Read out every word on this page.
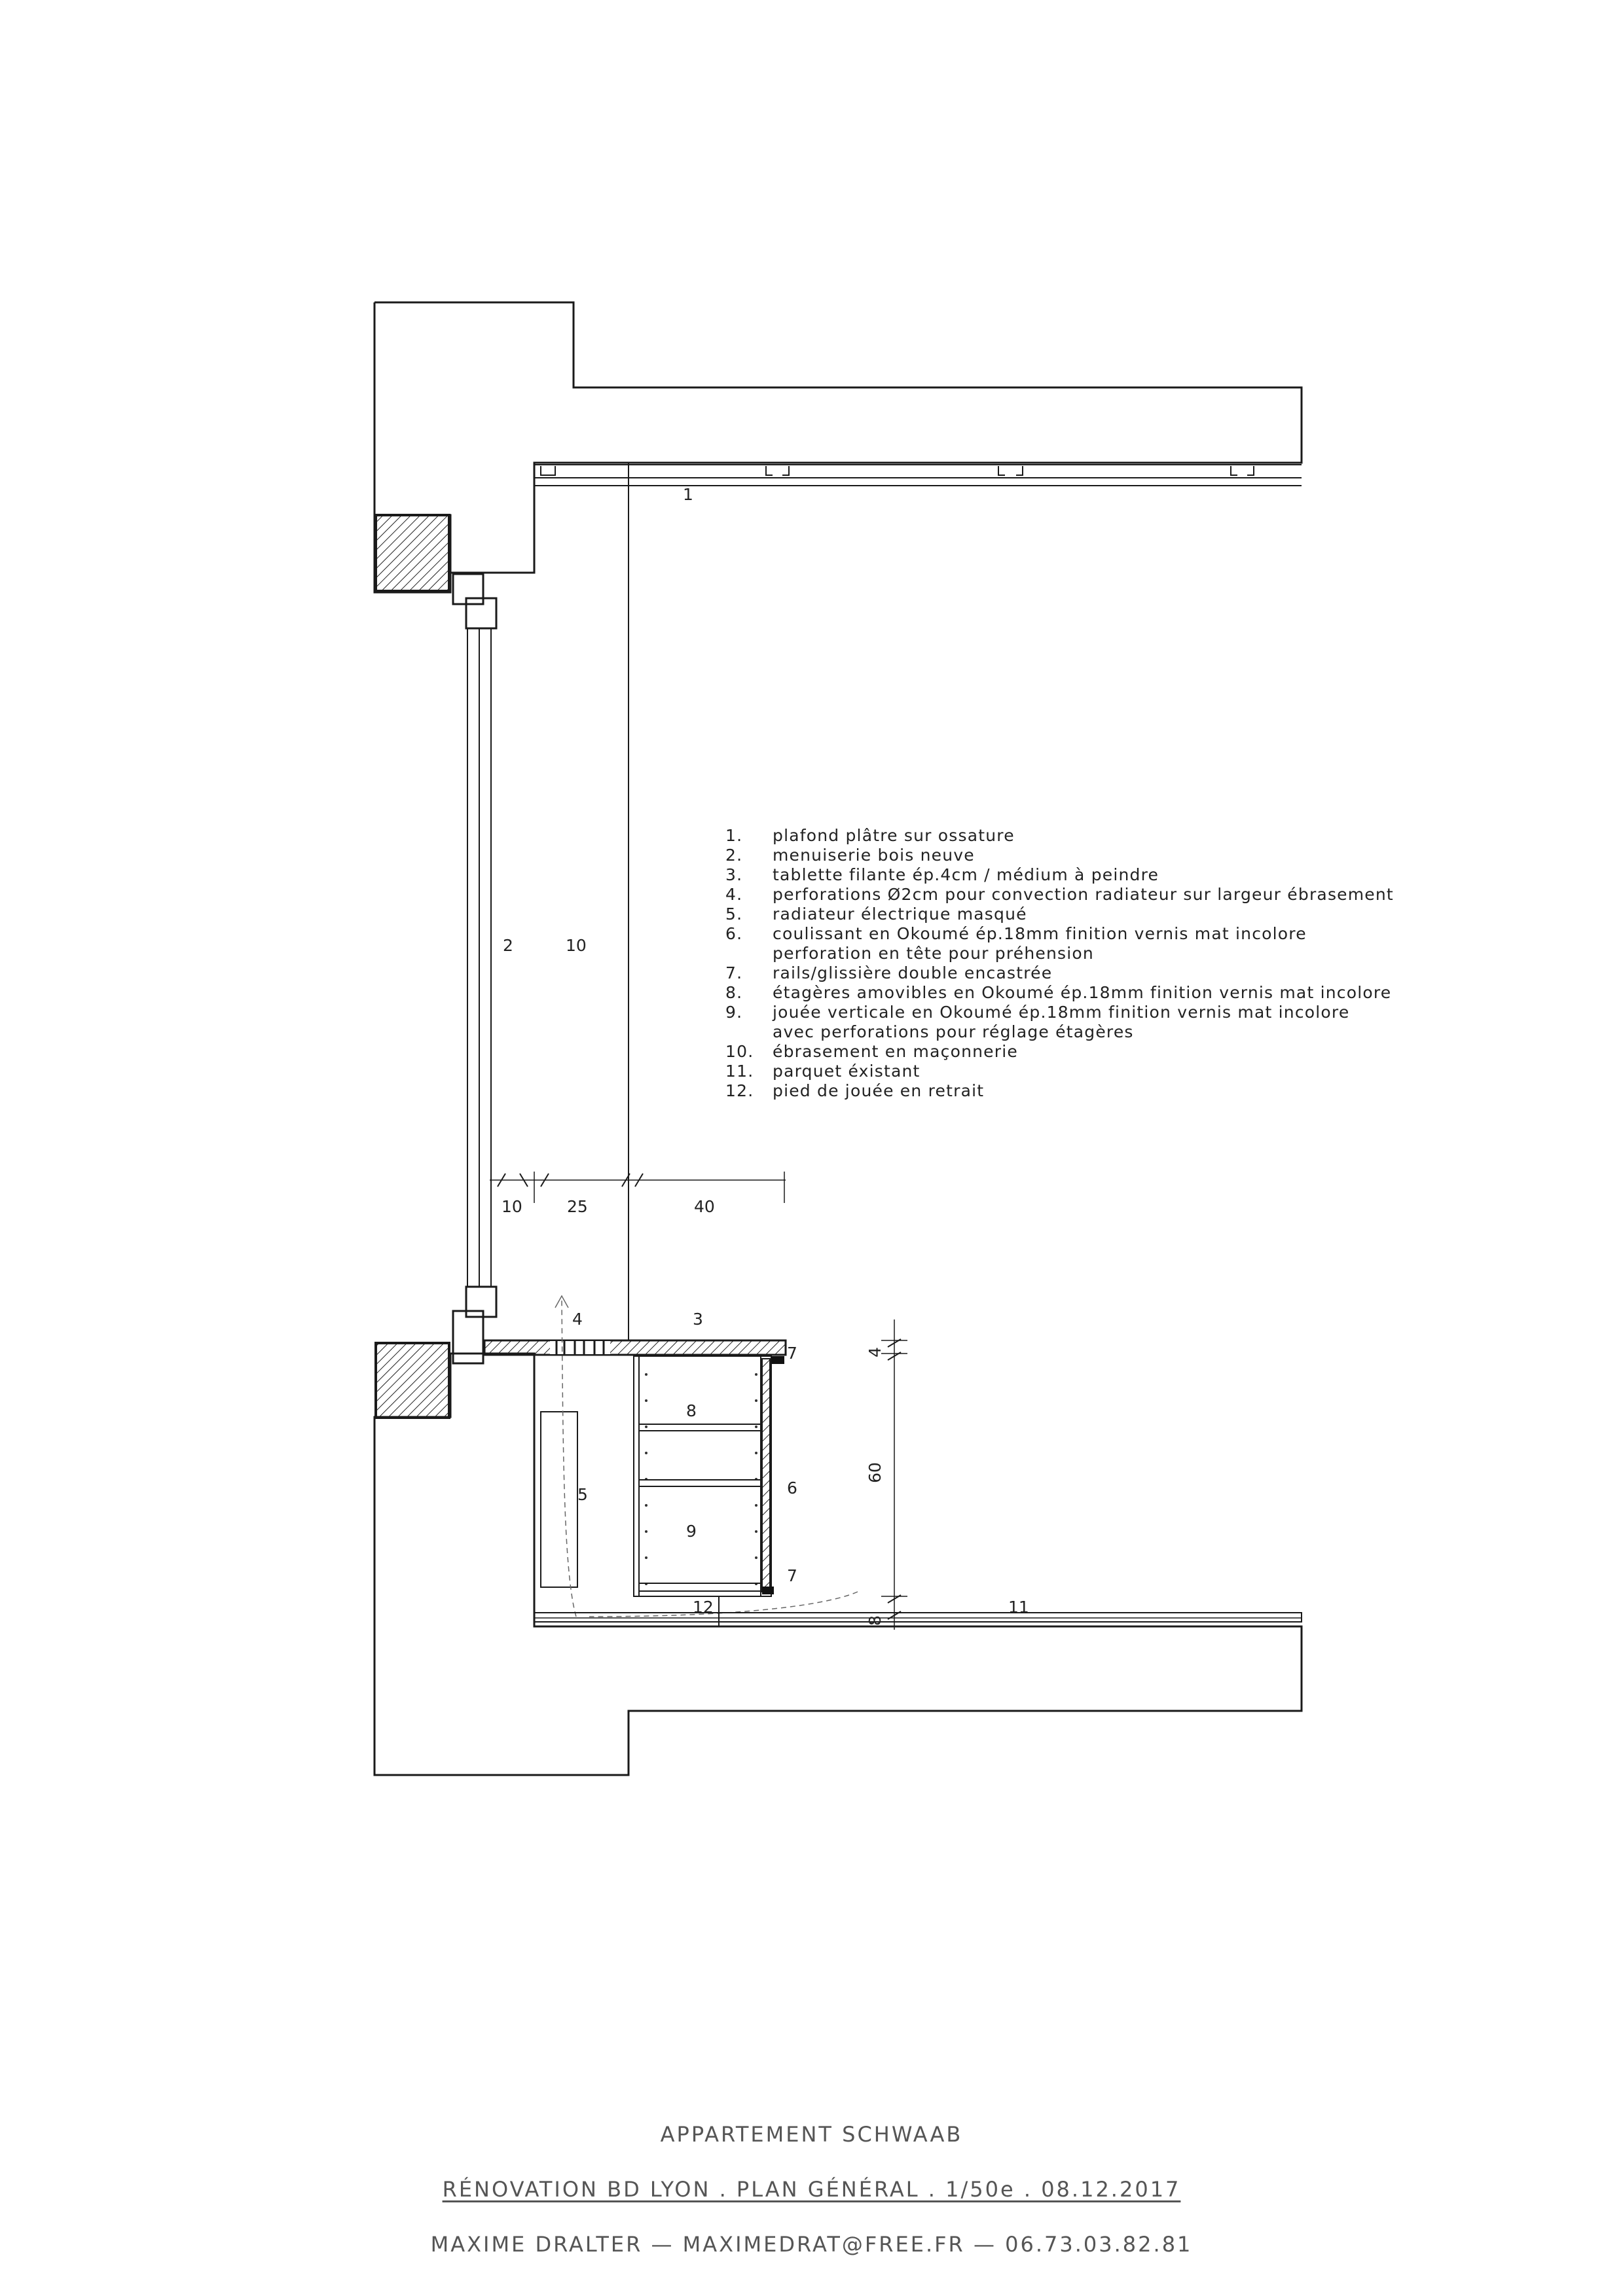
1
2	10
10	25	40
4	3
7
8
5	6
9
7
12	11
4
60
8
1.	plafond plâtre sur ossature
2.	menuiserie bois neuve
3.	tablette filante ép.4cm / médium à peindre
4.	perforations Ø2cm pour convection radiateur sur largeur ébrasement
5.	radiateur électrique masqué
6.	coulissant en Okoumé ép.18mm finition vernis mat incolore
perforation en tête pour préhension
7.	rails/glissière double encastrée
8.	étagères amovibles en Okoumé ép.18mm finition vernis mat incolore
9.	jouée verticale en Okoumé ép.18mm finition vernis mat incolore
avec perforations pour réglage étagères
10.	ébrasement en maçonnerie
11.	parquet éxistant
12.	pied de jouée en retrait
APPARTEMENT SCHWAAB
RÉNOVATION BD LYON . PLAN GÉNÉRAL . 1/50e . 08.12.2017
MAXIME DRALTER — MAXIMEDRAT@FREE.FR — 06.73.03.82.81
